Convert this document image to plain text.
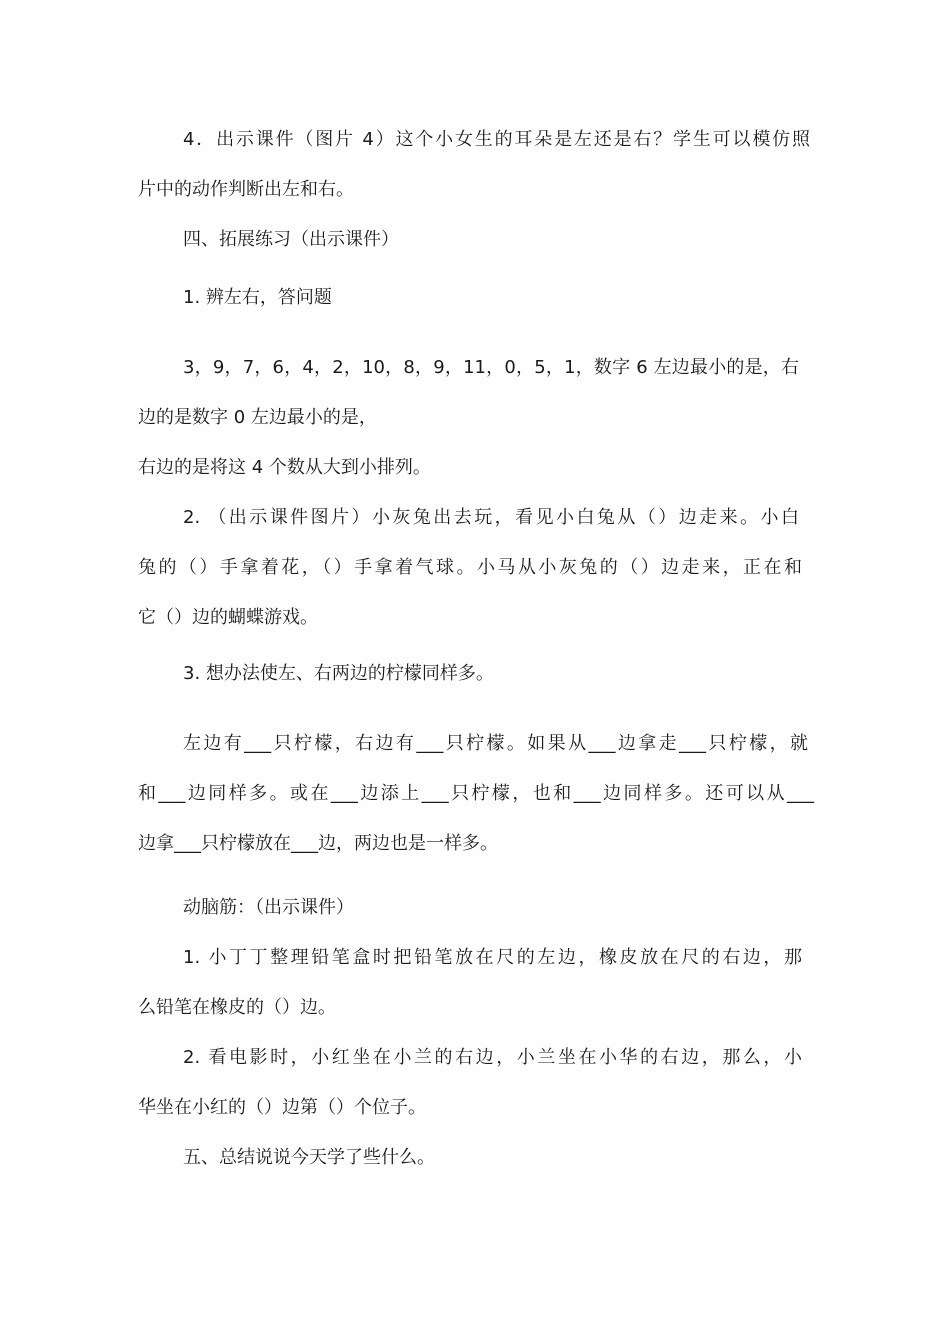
4．出示课件（图片 4）这个小女生的耳朵是左还是右？学生可以模仿照
片中的动作判断出左和右。
四、拓展练习（出示课件）
1. 辨左右，答问题
3，9，7，6，4，2，10，8，9，11，0，5，1，数字 6 左边最小的是，右
边的是数字 0 左边最小的是，
右边的是将这 4 个数从大到小排列。
2. （出示课件图片）小灰兔出去玩，看见小白兔从（）边走来。小白
兔的（）手拿着花，（）手拿着气球。小马从小灰兔的（）边走来，正在和
它（）边的蝴蝶游戏。
3. 想办法使左、右两边的柠檬同样多。
左边有___只柠檬，右边有___只柠檬。如果从___边拿走___只柠檬，就
和___边同样多。或在___边添上___只柠檬，也和___边同样多。还可以从___
边拿___只柠檬放在___边，两边也是一样多。
动脑筋：（出示课件）
1. 小丁丁整理铅笔盒时把铅笔放在尺的左边，橡皮放在尺的右边，那
么铅笔在橡皮的（）边。
2. 看电影时，小红坐在小兰的右边，小兰坐在小华的右边，那么，小
华坐在小红的（）边第（）个位子。
五、总结说说今天学了些什么。
